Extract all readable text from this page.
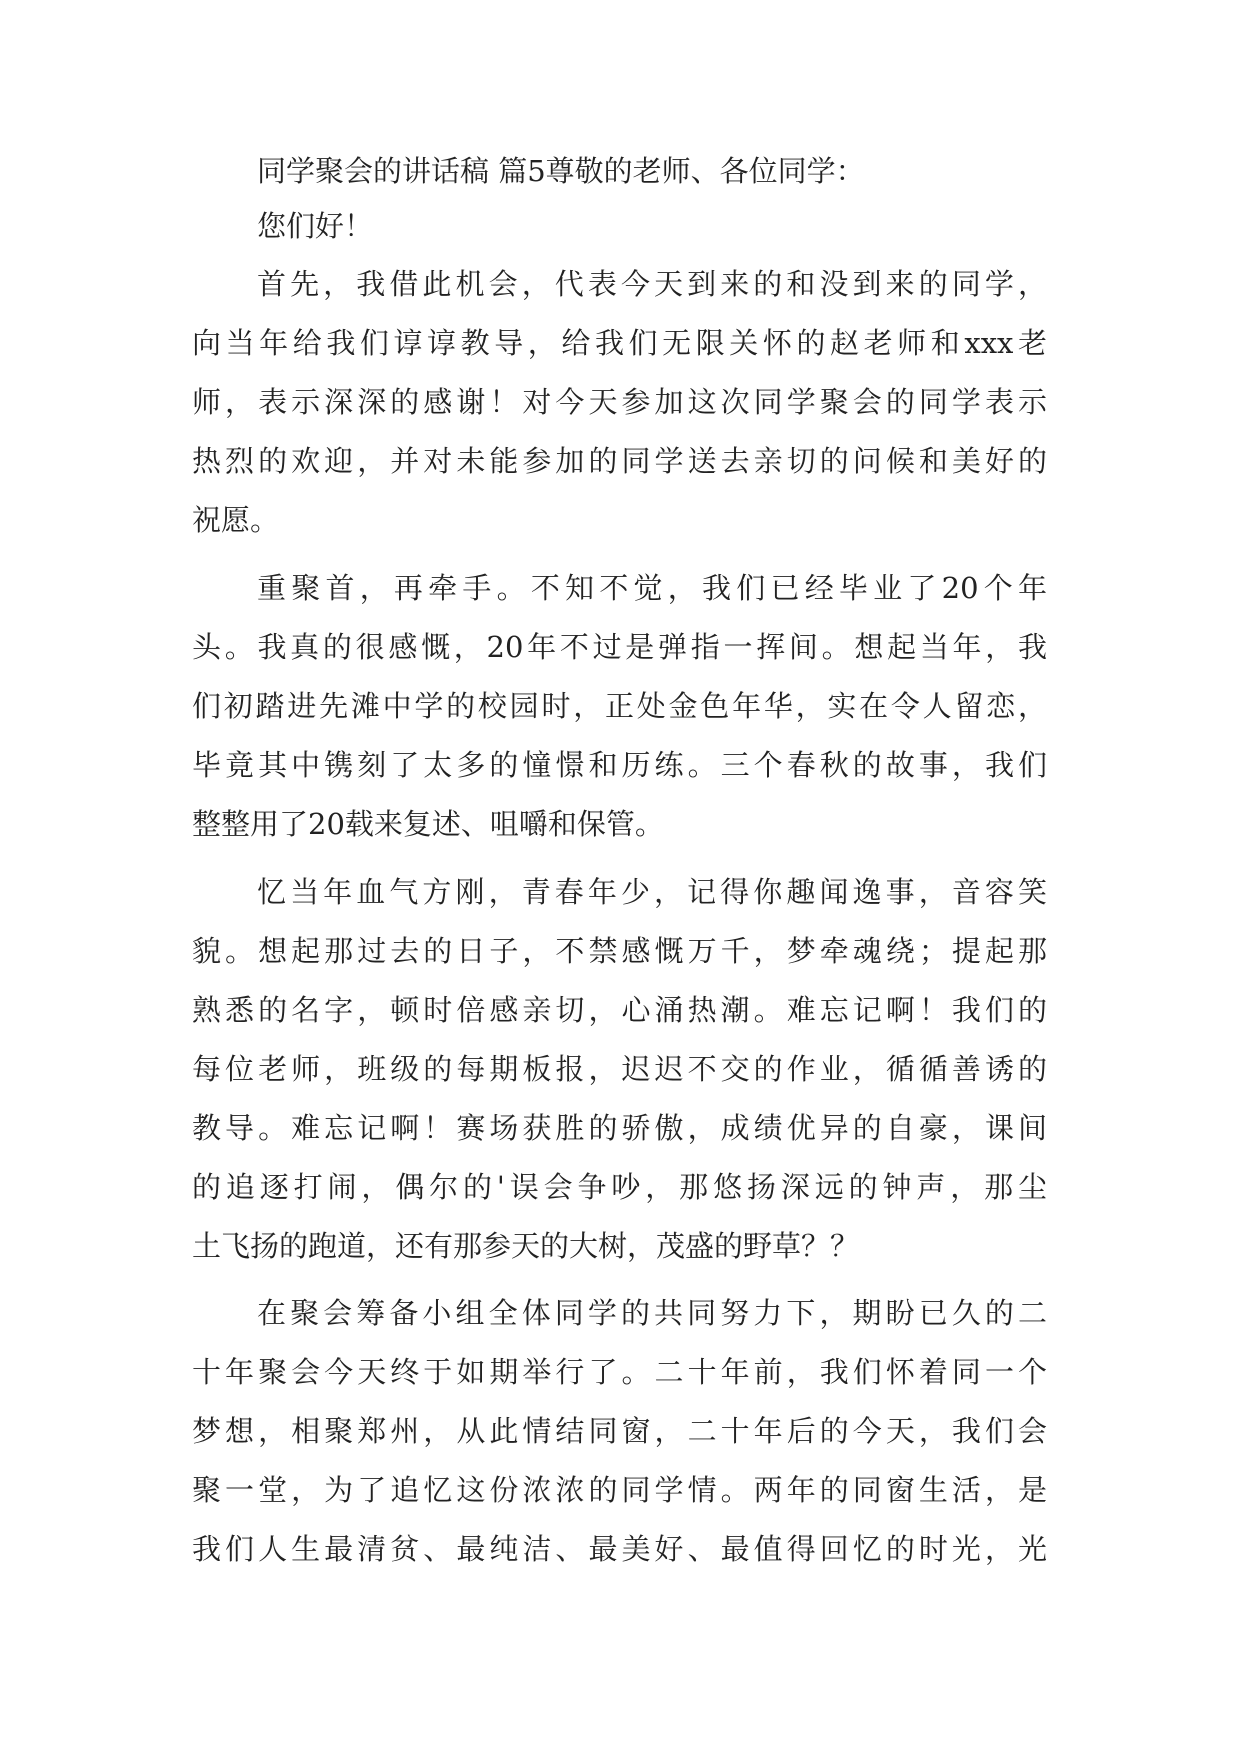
同学聚会的讲话稿 篇5尊敬的老师、各位同学：
您们好！
首先，我借此机会，代表今天到来的和没到来的同学，
向当年给我们谆谆教导，给我们无限关怀的赵老师和xxx老
师，表示深深的感谢！对今天参加这次同学聚会的同学表示
热烈的欢迎，并对未能参加的同学送去亲切的问候和美好的
祝愿。
重聚首，再牵手。不知不觉，我们已经毕业了20个年
头。我真的很感慨，20年不过是弹指一挥间。想起当年，我
们初踏进先滩中学的校园时，正处金色年华，实在令人留恋，
毕竟其中镌刻了太多的憧憬和历练。三个春秋的故事，我们
整整用了20载来复述、咀嚼和保管。
忆当年血气方刚，青春年少，记得你趣闻逸事，音容笑
貌。想起那过去的日子，不禁感慨万千，梦牵魂绕；提起那
熟悉的名字，顿时倍感亲切，心涌热潮。难忘记啊！我们的
每位老师，班级的每期板报，迟迟不交的作业，循循善诱的
教导。难忘记啊！赛场获胜的骄傲，成绩优异的自豪，课间
的追逐打闹，偶尔的'误会争吵，那悠扬深远的钟声，那尘
土飞扬的跑道，还有那参天的大树，茂盛的野草？？
在聚会筹备小组全体同学的共同努力下，期盼已久的二
十年聚会今天终于如期举行了。二十年前，我们怀着同一个
梦想，相聚郑州，从此情结同窗，二十年后的今天，我们会
聚一堂，为了追忆这份浓浓的同学情。两年的同窗生活，是
我们人生最清贫、最纯洁、最美好、最值得回忆的时光，光
